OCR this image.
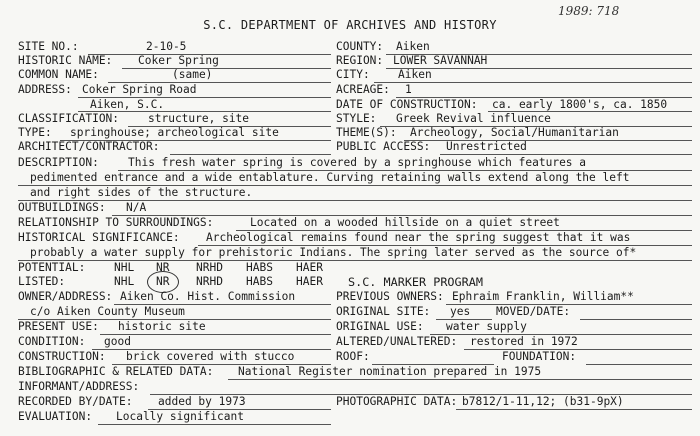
1989: 718
S.C. DEPARTMENT OF ARCHIVES AND HISTORY
SITE NO.:	2-10-5	COUNTY: Aiken
HISTORIC NAME: Coker Spring	REGION: LOWER SAVANNAH
COMMON NAME:	(same)	CITY:	Aiken
ADDRESS: Coker Spring Road	ACREAGE: 1
Aiken, S.C.	DATE OF CONSTRUCTION: ca. early 1800's, ca. 1850
CLASSIFICATION:	structure, site	STYLE: Greek Revival influence
TYPE: springhouse; archeological site	THEME(S): Archeology, Social/Humanitarian
ARCHITECT/CONTRACTOR:	PUBLIC ACCESS: Unrestricted
DESCRIPTION:	This fresh water spring is covered by a springhouse which features a
pedimented entrance and a wide entablature. Curving retaining walls extend along the left
and right sides of the structure.
OUTBUILDINGS: N/A
RELATIONSHIP TO SURROUNDINGS:	Located on a wooded hillside on a quiet street
HISTORICAL SIGNIFICANCE: Archeological remains found near the spring suggest that it was
probably a water supply for prehistoric Indians. The spring later served as the source of*
POTENTIAL:	NHL NR NRHD HABS HAER
LISTED:	NHL NR NRHD HABS HAER S.C. MARKER PROGRAM
OWNER/ADDRESS: Aiken Co. Hist. Commission	PREVIOUS OWNERS: Ephraim Franklin, William**
c/o Aiken County Museum	ORIGINAL SITE: yes MOVED/DATE:
PRESENT USE: historic site	ORIGINAL USE: water supply
CONDITION: good	ALTERED/UNALTERED: restored in 1972
CONSTRUCTION: brick covered with stucco	ROOF:	FOUNDATION:
BIBLIOGRAPHIC & RELATED DATA: National Register nomination prepared in 1975
INFORMANT/ADDRESS:
RECORDED BY/DATE: added by 1973	PHOTOGRAPHIC DATA: b7812/1-11,12; (b31-9pX)
EVALUATION: Locally significant
